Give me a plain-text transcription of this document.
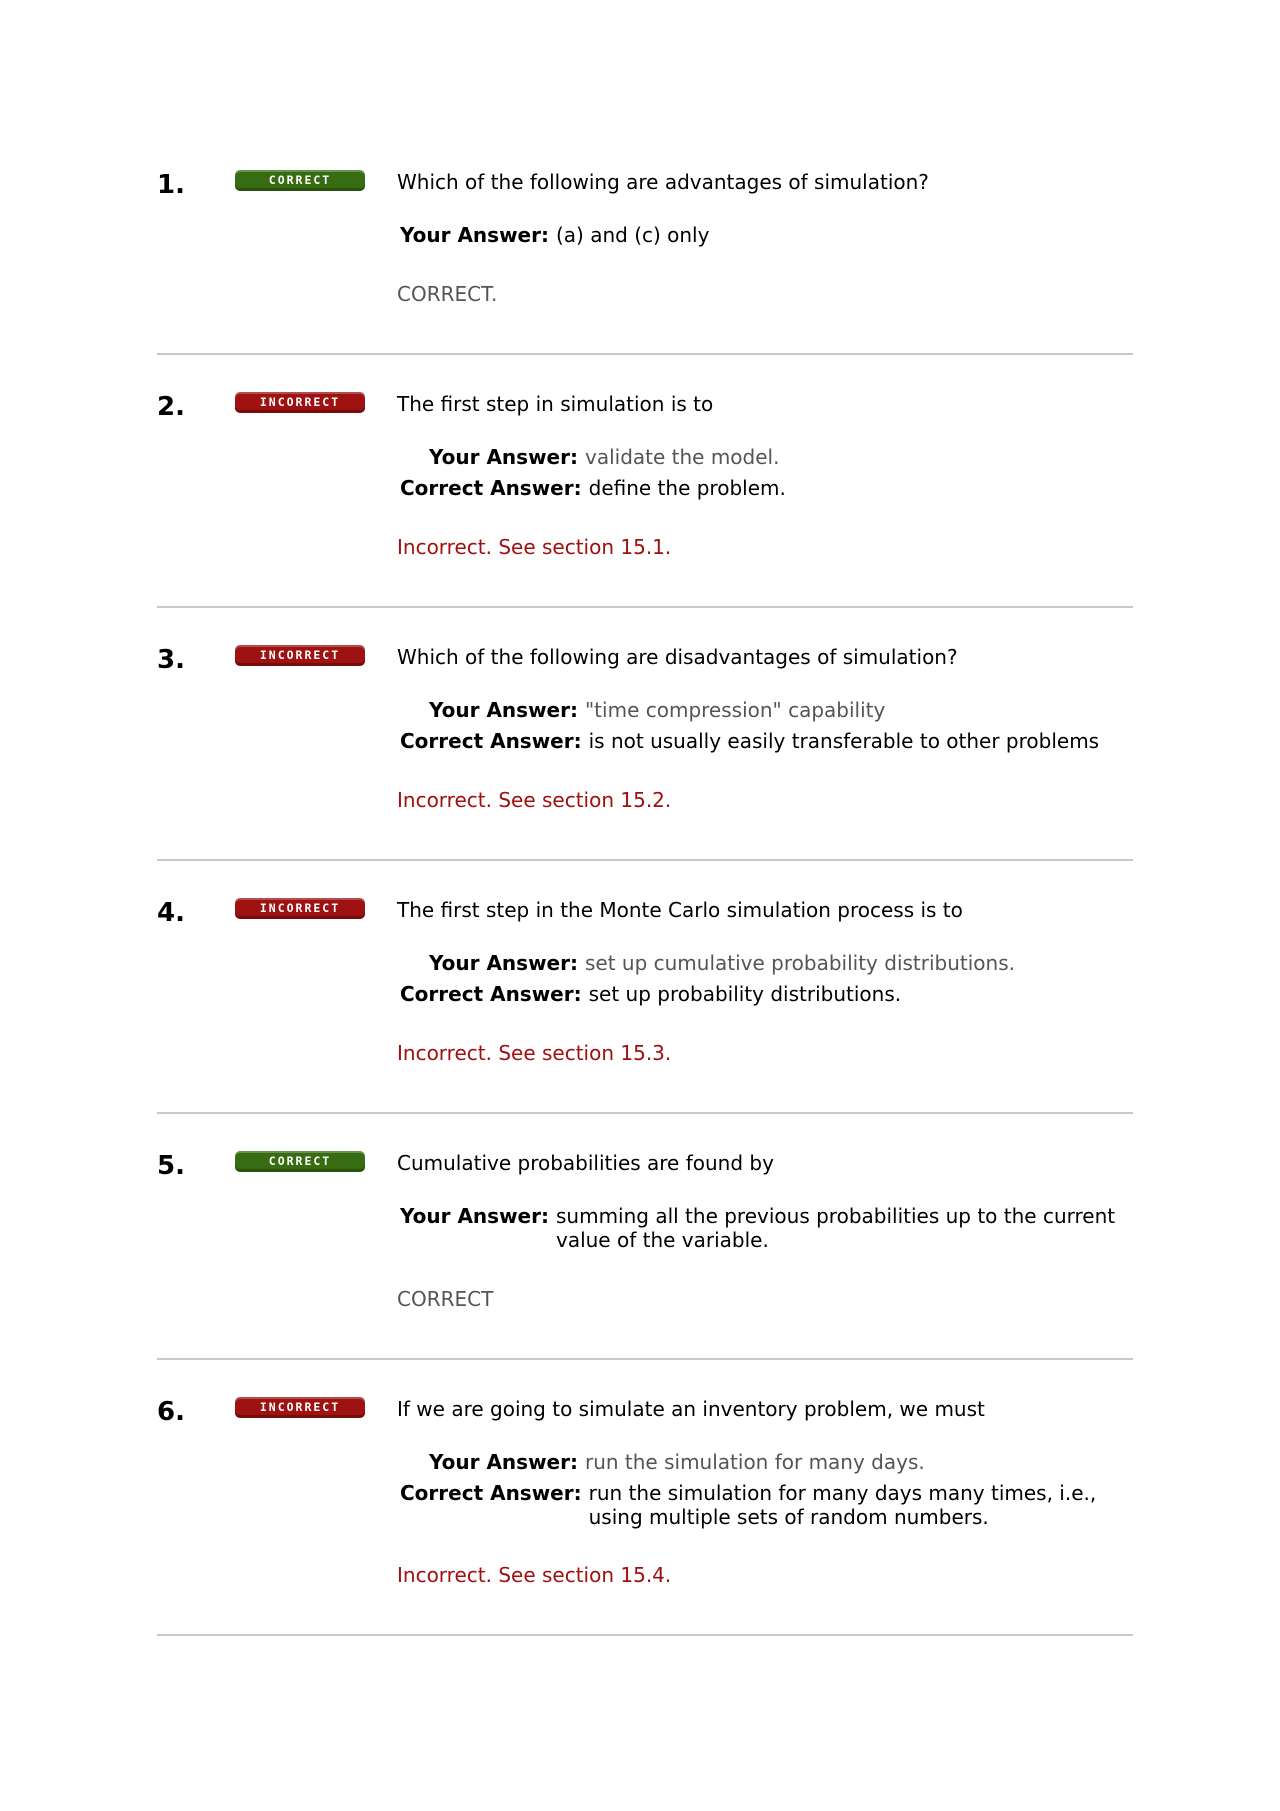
1.	CORRECT	Which of the following are advantages of simulation?
Your Answer: (a) and (c) only
CORRECT.
2.	INCORRECT	The first step in simulation is to
Your Answer: validate the model.
Correct Answer: define the problem.
Incorrect. See section 15.1.
3.	INCORRECT	Which of the following are disadvantages of simulation?
Your Answer: "time compression" capability
Correct Answer: is not usually easily transferable to other problems
Incorrect. See section 15.2.
4.	INCORRECT	The first step in the Monte Carlo simulation process is to
Your Answer: set up cumulative probability distributions.
Correct Answer: set up probability distributions.
Incorrect. See section 15.3.
5.	CORRECT	Cumulative probabilities are found by
Your Answer: summing all the previous probabilities up to the current value of the variable.
CORRECT
6.	INCORRECT	If we are going to simulate an inventory problem, we must
Your Answer: run the simulation for many days.
Correct Answer: run the simulation for many days many times, i.e., using multiple sets of random numbers.
Incorrect. See section 15.4.
